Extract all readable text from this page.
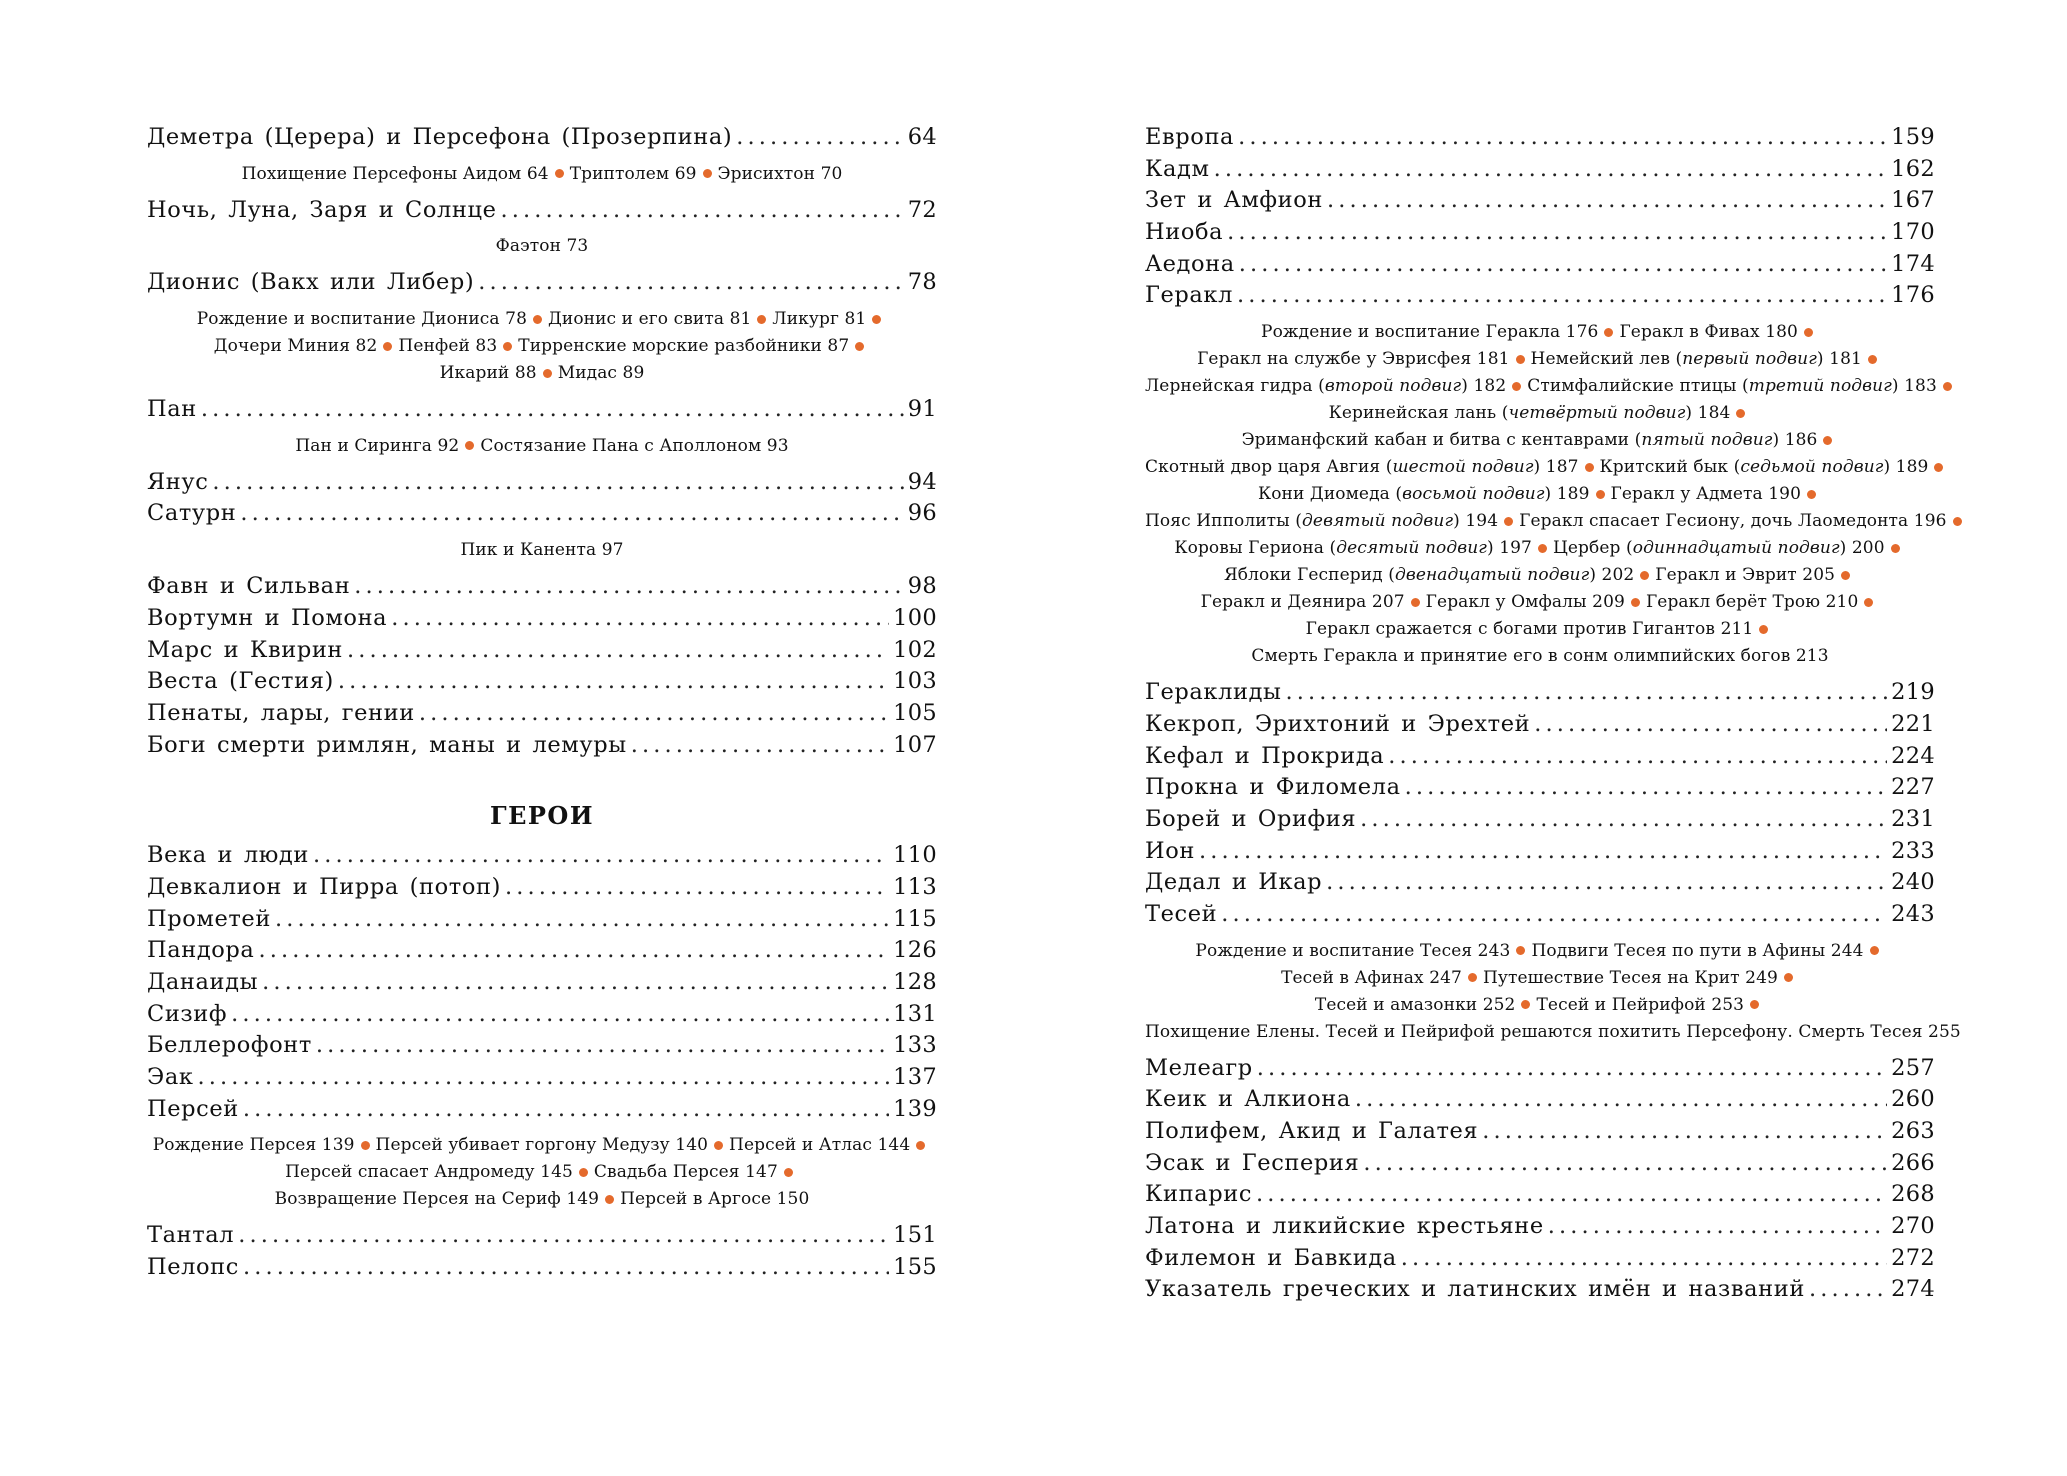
Деметра (Церера) и Персефона (Прозерпина) .....	64
Похищение Персефоны Аидом 64 Триптолем 69 Эрисихтон 70
Ночь, Луна, Заря и Солнце .....	72
Фаэтон 73
Дионис (Вакх или Либер) .....	78
Рождение и воспитание Диониса 78 Дионис и его свита 81 Ликург 81
Дочери Миния 82 Пенфей 83 Тирренские морские разбойники 87
Икарий 88 Мидас 89
Пан .....	91
Пан и Сиринга 92 Состязание Пана с Аполлоном 93
Янус .....	94
Сатурн .....	96
Пик и Канента 97
Фавн и Сильван .....	98
Вортумн и Помона .....	100
Марс и Квирин .....	102
Веста (Гестия) .....	103
Пенаты, лары, гении .....	105
Боги смерти римлян, маны и лемуры .....	107
ГЕРОИ
Века и люди .....	110
Девкалион и Пирра (потоп) .....	113
Прометей .....	115
Пандора .....	126
Данаиды .....	128
Сизиф .....	131
Беллерофонт .....	133
Эак .....	137
Персей .....	139
Рождение Персея 139 Персей убивает горгону Медузу 140 Персей и Атлас 144
Персей спасает Андромеду 145 Свадьба Персея 147
Возвращение Персея на Сериф 149 Персей в Аргосе 150
Тантал .....	151
Пелопс .....	155
Европа .....	159
Кадм .....	162
Зет и Амфион .....	167
Ниоба .....	170
Аедона .....	174
Геракл .....	176
Рождение и воспитание Геракла 176 Геракл в Фивах 180
Геракл на службе у Эврисфея 181 Немейский лев (первый подвиг) 181
Лернейская гидра (второй подвиг) 182 Стимфалийские птицы (третий подвиг) 183
Керинейская лань (четвёртый подвиг) 184
Эриманфский кабан и битва с кентаврами (пятый подвиг) 186
Скотный двор царя Авгия (шестой подвиг) 187 Критский бык (седьмой подвиг) 189
Кони Диомеда (восьмой подвиг) 189 Геракл у Адмета 190
Пояс Ипполиты (девятый подвиг) 194 Геракл спасает Гесиону, дочь Лаомедонта 196
Коровы Гериона (десятый подвиг) 197 Цербер (одиннадцатый подвиг) 200
Яблоки Гесперид (двенадцатый подвиг) 202 Геракл и Эврит 205
Геракл и Деянира 207 Геракл у Омфалы 209 Геракл берёт Трою 210
Геракл сражается с богами против Гигантов 211
Смерть Геракла и принятие его в сонм олимпийских богов 213
Гераклиды .....	219
Кекроп, Эрихтоний и Эрехтей .....	221
Кефал и Прокрида .....	224
Прокна и Филомела .....	227
Борей и Орифия .....	231
Ион .....	233
Дедал и Икар .....	240
Тесей .....	243
Рождение и воспитание Тесея 243 Подвиги Тесея по пути в Афины 244
Тесей в Афинах 247 Путешествие Тесея на Крит 249
Тесей и амазонки 252 Тесей и Пейрифой 253
Похищение Елены. Тесей и Пейрифой решаются похитить Персефону. Смерть Тесея 255
Мелеагр .....	257
Кеик и Алкиона .....	260
Полифем, Акид и Галатея .....	263
Эсак и Гесперия .....	266
Кипарис .....	268
Латона и ликийские крестьяне .....	270
Филемон и Бавкида .....	272
Указатель греческих и латинских имён и названий .....	274
